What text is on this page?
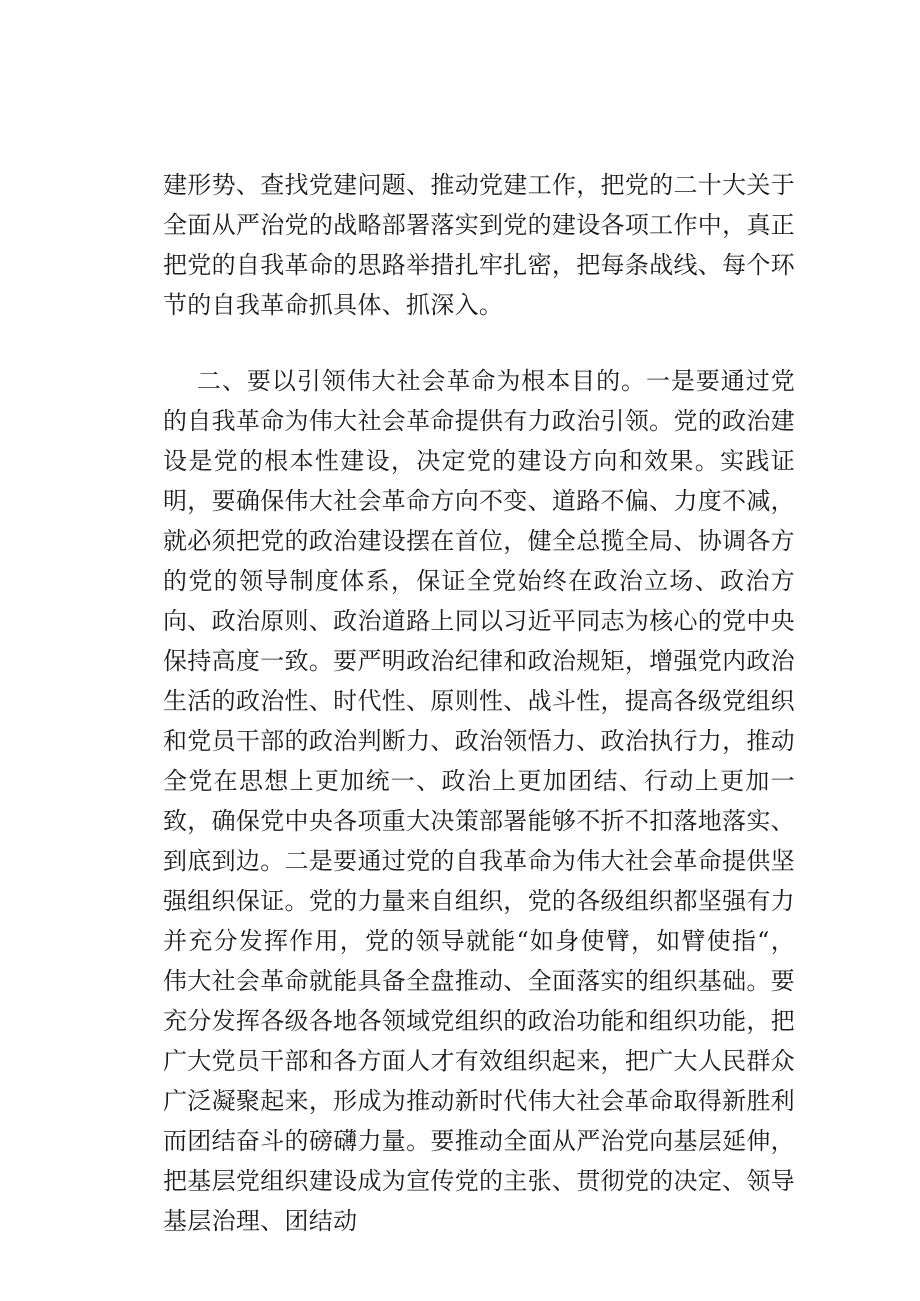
建形势、查找党建问题、推动党建工作，把党的二十大关于全面从严治党的战略部署落实到党的建设各项工作中，真正把党的自我革命的思路举措扎牢扎密，把每条战线、每个环节的自我革命抓具体、抓深入。

二、要以引领伟大社会革命为根本目的。一是要通过党的自我革命为伟大社会革命提供有力政治引领。党的政治建设是党的根本性建设，决定党的建设方向和效果。实践证明，要确保伟大社会革命方向不变、道路不偏、力度不减，就必须把党的政治建设摆在首位，健全总揽全局、协调各方的党的领导制度体系，保证全党始终在政治立场、政治方向、政治原则、政治道路上同以习近平同志为核心的党中央保持高度一致。要严明政治纪律和政治规矩，增强党内政治生活的政治性、时代性、原则性、战斗性，提高各级党组织和党员干部的政治判断力、政治领悟力、政治执行力，推动全党在思想上更加统一、政治上更加团结、行动上更加一致，确保党中央各项重大决策部署能够不折不扣落地落实、到底到边。二是要通过党的自我革命为伟大社会革命提供坚强组织保证。党的力量来自组织，党的各级组织都坚强有力并充分发挥作用，党的领导就能“如身使臂，如臂使指“，伟大社会革命就能具备全盘推动、全面落实的组织基础。要充分发挥各级各地各领域党组织的政治功能和组织功能，把广大党员干部和各方面人才有效组织起来，把广大人民群众广泛凝聚起来，形成为推动新时代伟大社会革命取得新胜利而团结奋斗的磅礴力量。要推动全面从严治党向基层延伸，把基层党组织建设成为宣传党的主张、贯彻党的决定、领导基层治理、团结动
